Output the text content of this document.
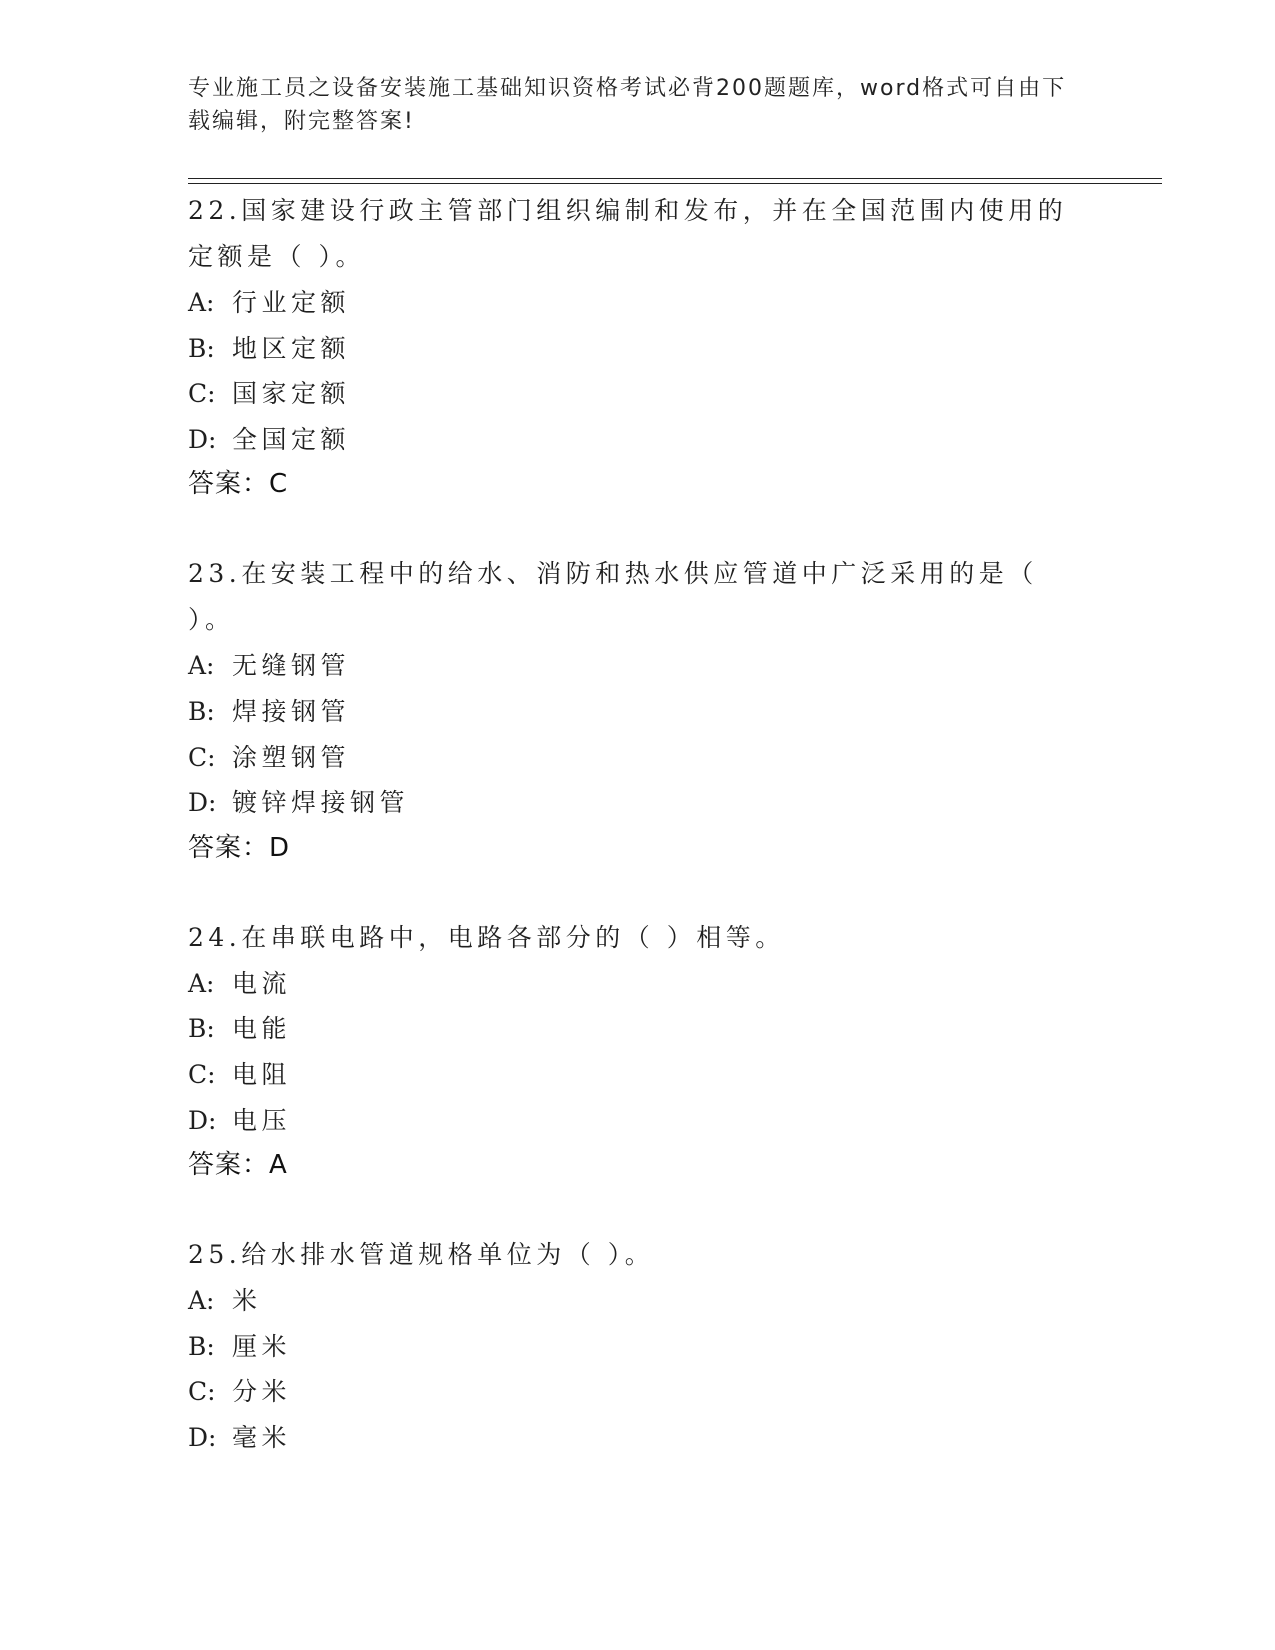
专业施工员之设备安装施工基础知识资格考试必背200题题库，word格式可自由下载编辑，附完整答案!
22.国家建设行政主管部门组织编制和发布，并在全国范围内使用的定额是（ ）。
A: 行业定额
B: 地区定额
C: 国家定额
D: 全国定额
答案：C
23.在安装工程中的给水、消防和热水供应管道中广泛采用的是（ ）。
A: 无缝钢管
B: 焊接钢管
C: 涂塑钢管
D: 镀锌焊接钢管
答案：D
24.在串联电路中，电路各部分的（ ）相等。
A: 电流
B: 电能
C: 电阻
D: 电压
答案：A
25.给水排水管道规格单位为（ ）。
A: 米
B: 厘米
C: 分米
D: 毫米
